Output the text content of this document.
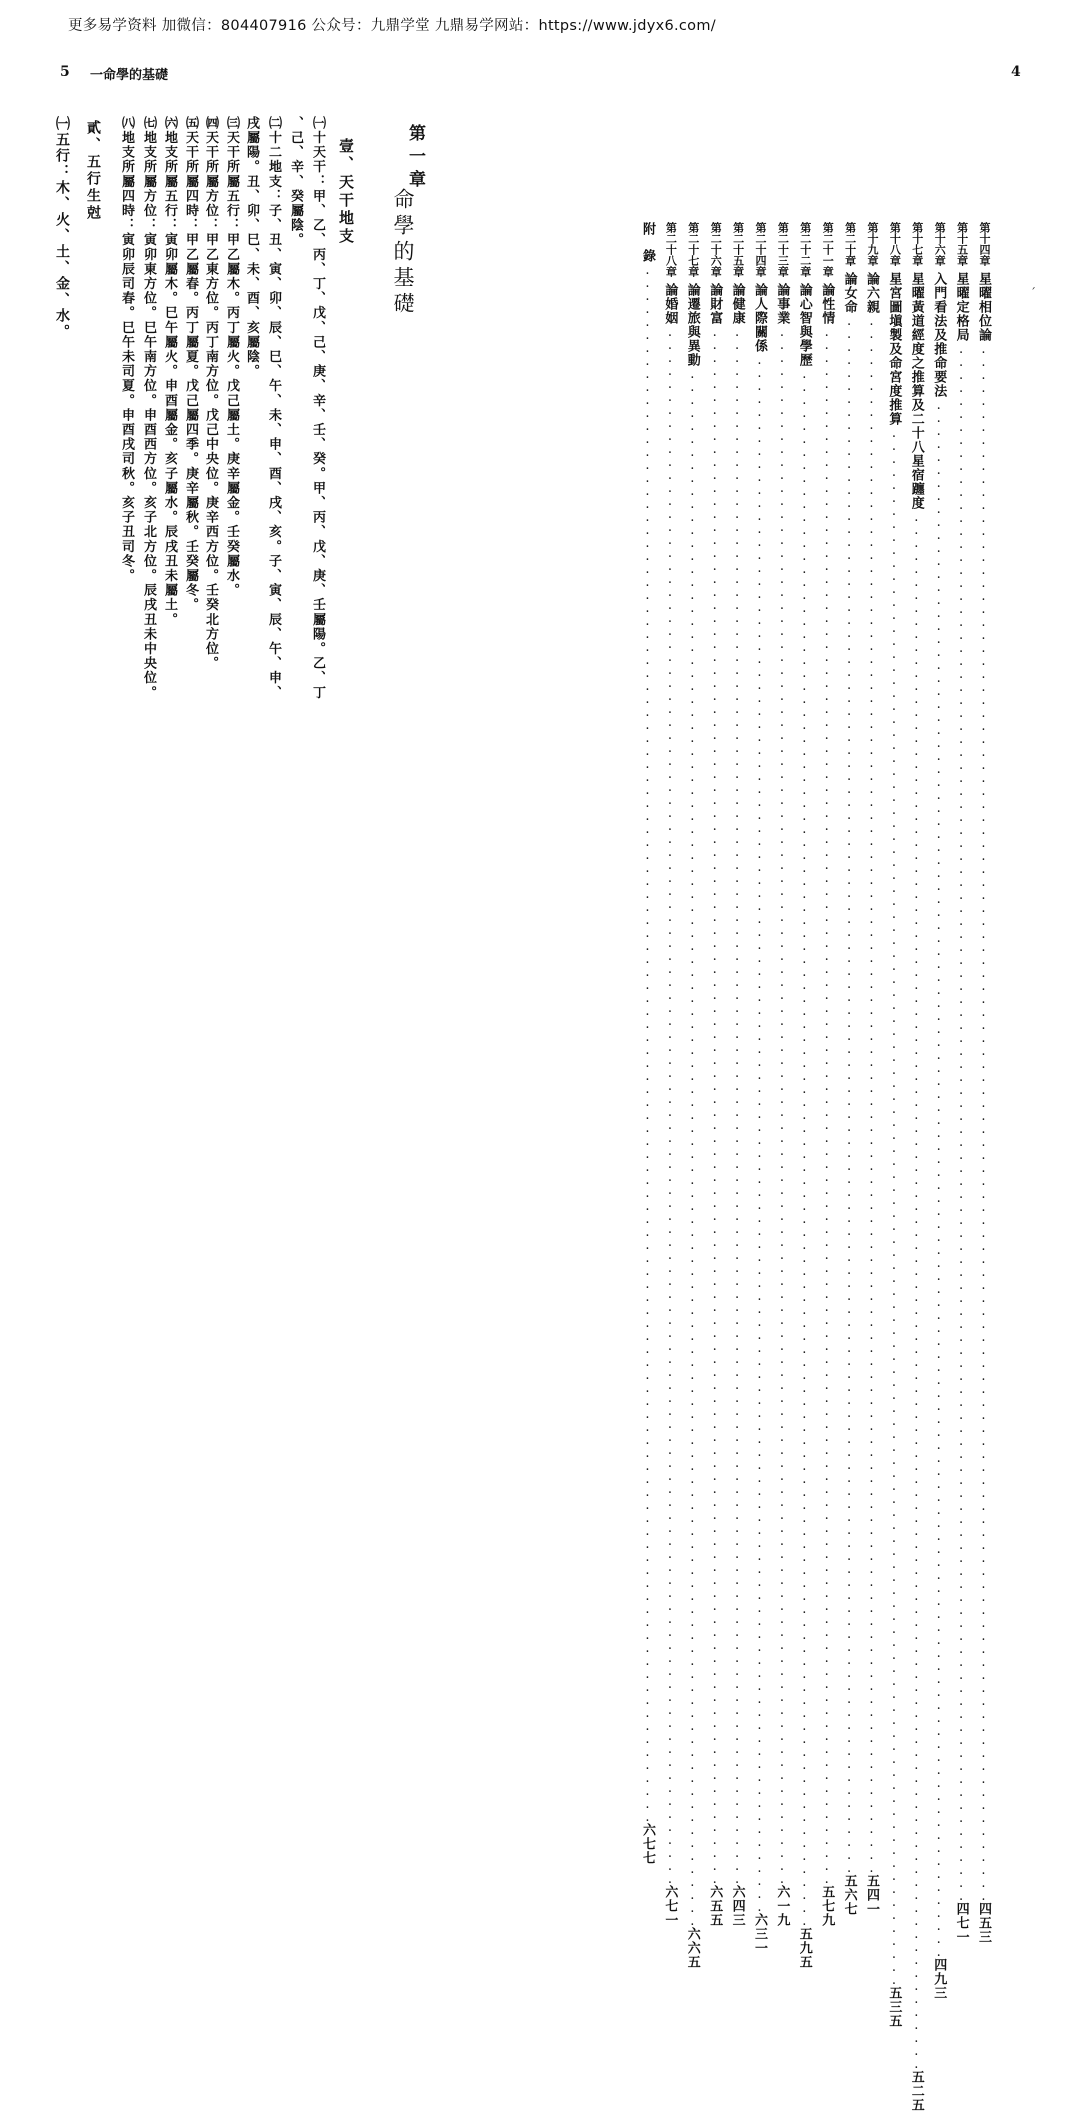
更多易学资料 加微信：804407916 公众号：九鼎学堂 九鼎易学网站：https://www.jdyx6.com/
5 一命學的基礎
第一章
命學的基礎
壹、天干地支
㈠十天干：甲、乙、丙、丁、戊、己、庚、辛、壬、癸。甲、丙、戊、庚、壬屬陽。乙、丁
、己、辛、癸屬陰。
㈡十二地支：子、丑、寅、卯、辰、巳、午、未、申、酉、戌、亥。子、寅、辰、午、申、
戌屬陽。丑、卯、巳、未、酉、亥屬陰。
㈢天干所屬五行：甲乙屬木。丙丁屬火。戊己屬土。庚辛屬金。壬癸屬水。
㈣天干所屬方位：甲乙東方位。丙丁南方位。戊己中央位。庚辛西方位。壬癸北方位。
㈤天干所屬四時：甲乙屬春。丙丁屬夏。戊己屬四季。庚辛屬秋。壬癸屬冬。
㈥地支所屬五行：寅卯屬木。巳午屬火。申酉屬金。亥子屬水。辰戌丑未屬土。
㈦地支所屬方位：寅卯東方位。巳午南方位。申酉西方位。亥子北方位。辰戌丑未中央位。
㈧地支所屬四時：寅卯辰司春。巳午未司夏。申酉戌司秋。亥子丑司冬。
貳、五行生尅
㈠五行：木、火、土、金、水。
4
ˊ
第十四章
星曜相位論
........................................................................................................................
四五三
第十五章
星曜定格局
........................................................................................................................
四七一
第十六章
入門看法及推命要法
........................................................................................................................
四九三
第十七章
星曜黃道經度之推算及二十八星宿躔度
........................................................................................................................
五二五
第十八章
星宮圖塡製及命宮度推算
........................................................................................................................
五三五
第十九章
論六親
........................................................................................................................
五四一
第二十章
論女命
........................................................................................................................
五六七
第二十一章
論性情
........................................................................................................................
五七九
第二十二章
論心智與學歷
........................................................................................................................
五九五
第二十三章
論事業
........................................................................................................................
六一九
第二十四章
論人際關係
........................................................................................................................
六三一
第二十五章
論健康
........................................................................................................................
六四三
第二十六章
論財富
........................................................................................................................
六五五
第二十七章
論遷旅與異動
........................................................................................................................
六六五
第二十八章
論婚姻
........................................................................................................................
六七一
附
錄
........................................................................................................................
六七七
